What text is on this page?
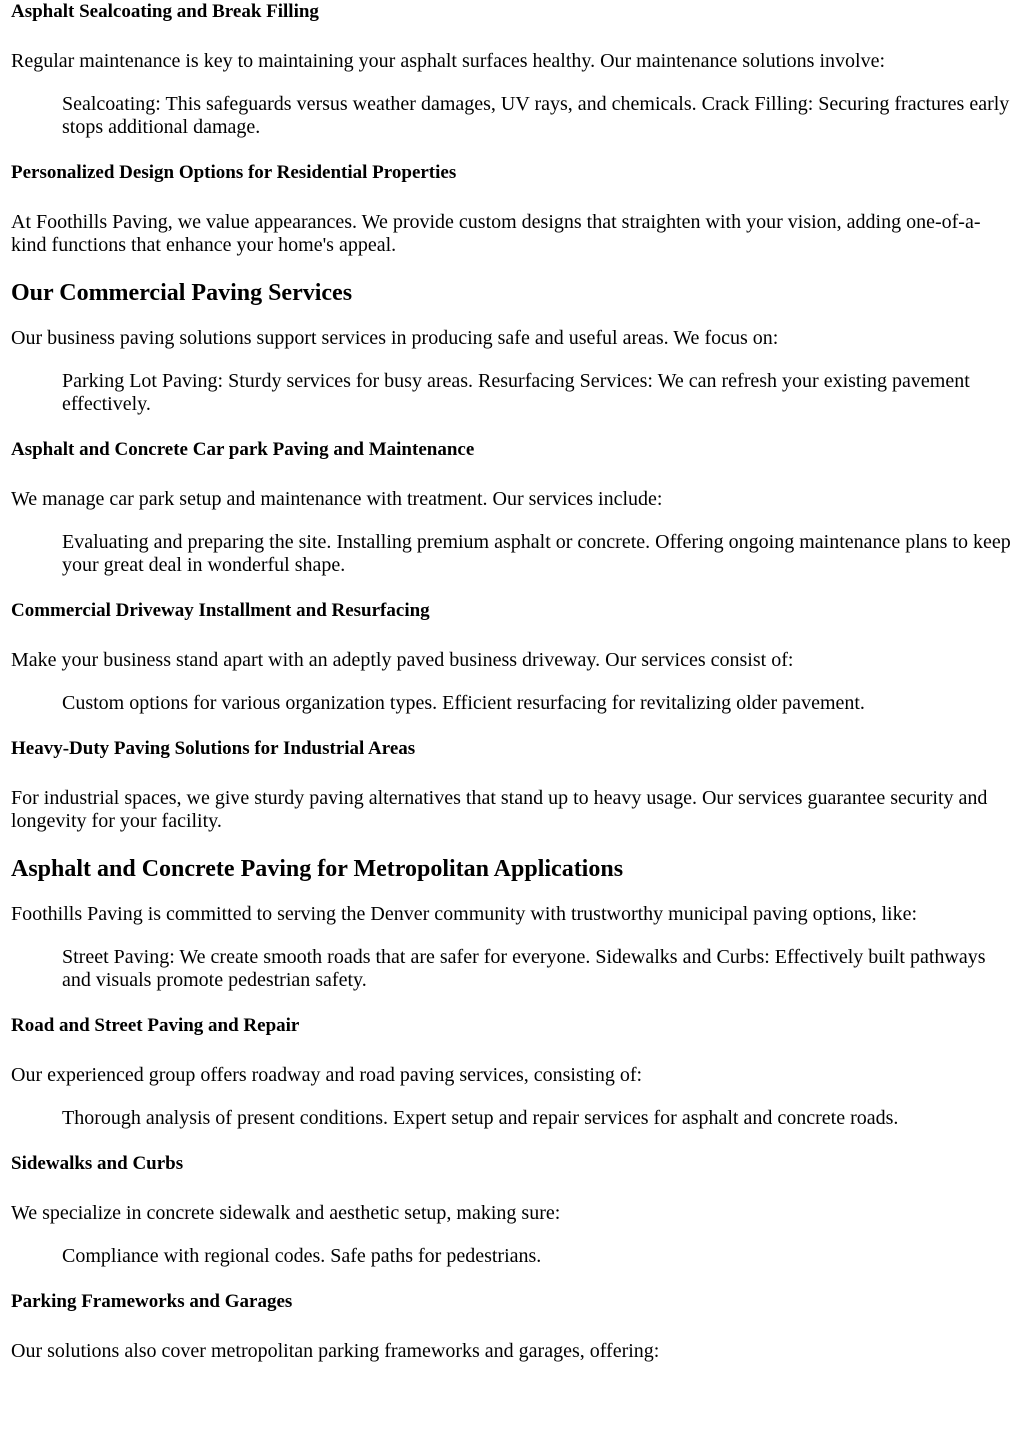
Asphalt Sealcoating and Break Filling

Regular maintenance is key to maintaining your asphalt surfaces healthy. Our maintenance solutions involve:

Sealcoating: This safeguards versus weather damages, UV rays, and chemicals. Crack Filling: Securing fractures early stops additional damage.
Personalized Design Options for Residential Properties

At Foothills Paving, we value appearances. We provide custom designs that straighten with your vision, adding one-of-a-kind functions that enhance your home's appeal.

Our Commercial Paving Services

Our business paving solutions support services in producing safe and useful areas. We focus on:

Parking Lot Paving: Sturdy services for busy areas. Resurfacing Services: We can refresh your existing pavement effectively.
Asphalt and Concrete Car park Paving and Maintenance

We manage car park setup and maintenance with treatment. Our services include:

Evaluating and preparing the site. Installing premium asphalt or concrete. Offering ongoing maintenance plans to keep your great deal in wonderful shape.
Commercial Driveway Installment and Resurfacing

Make your business stand apart with an adeptly paved business driveway. Our services consist of:

Custom options for various organization types. Efficient resurfacing for revitalizing older pavement.
Heavy-Duty Paving Solutions for Industrial Areas

For industrial spaces, we give sturdy paving alternatives that stand up to heavy usage. Our services guarantee security and longevity for your facility.

Asphalt and Concrete Paving for Metropolitan Applications

Foothills Paving is committed to serving the Denver community with trustworthy municipal paving options, like:

Street Paving: We create smooth roads that are safer for everyone. Sidewalks and Curbs: Effectively built pathways and visuals promote pedestrian safety.
Road and Street Paving and Repair

Our experienced group offers roadway and road paving services, consisting of:

Thorough analysis of present conditions. Expert setup and repair services for asphalt and concrete roads.
Sidewalks and Curbs

We specialize in concrete sidewalk and aesthetic setup, making sure:

Compliance with regional codes. Safe paths for pedestrians.
Parking Frameworks and Garages

Our solutions also cover metropolitan parking frameworks and garages, offering:
